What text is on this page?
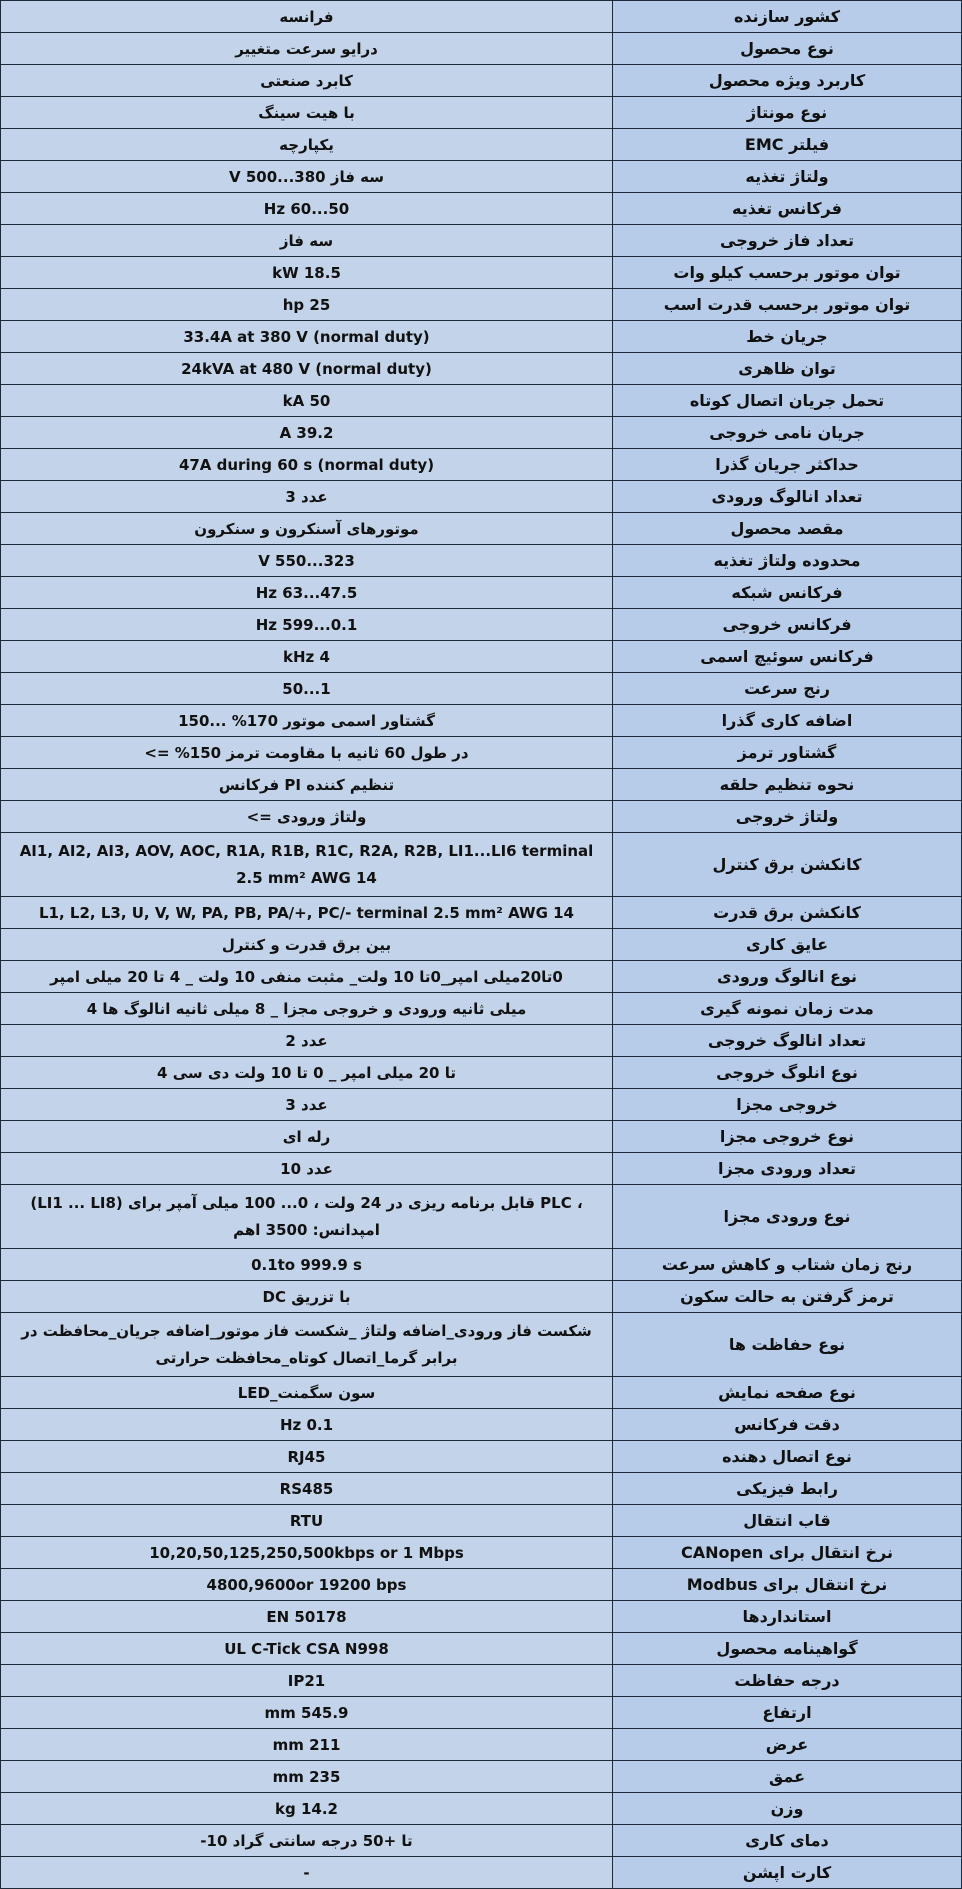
کشور سازنده	فرانسه
نوع محصول	درایو سرعت متغییر
کاربرد ویژه محصول	کابرد صنعتی
نوع مونتاژ	با هیت سینگ
فیلتر EMC	یکپارچه
ولتاژ تغذیه	سه فاز 380...500 V
فرکانس تغذیه	50...60 Hz
تعداد فاز خروجی	سه فاز
توان موتور برحسب کیلو وات	18.5 kW
توان موتور برحسب قدرت اسب	25 hp
جریان خط	33.4A at 380 V (normal duty)
توان ظاهری	24kVA at 480 V (normal duty)
تحمل جریان اتصال کوتاه	50 kA
جریان نامی خروجی	39.2 A
حداکثر جریان گذرا	47A during 60 s (normal duty)
تعداد انالوگ ورودی	عدد 3
مقصد محصول	موتورهای آسنکرون و سنکرون
محدوده ولتاژ تغذیه	323...550 V
فرکانس شبکه	47.5...63 Hz
فرکانس خروجی	0.1...599 Hz
فرکانس سوئیچ اسمی	4 kHz
رنج سرعت	1...50
اضافه کاری گذرا	گشتاور اسمی موتور 170% ...150
گشتاور ترمز	در طول 60 ثانیه با مقاومت ترمز 150% =>
نحوه تنظیم حلقه	تنظیم کننده PI فرکانس
ولتاژ خروجی	ولتاژ ورودی =>
کانکشن برق کنترل	AI1, AI2, AI3, AOV, AOC, R1A, R1B, R1C, R2A, R2B, LI1...LI6 terminal 2.5 mm² AWG 14
کانکشن برق قدرت	L1, L2, L3, U, V, W, PA, PB, PA/+, PC/- terminal 2.5 mm² AWG 14
عایق کاری	بین برق قدرت و کنترل
نوع انالوگ ورودی	0تا20میلی امپر_0تا 10 ولت_ مثبت منفی 10 ولت _ 4 تا 20 میلی امپر
مدت زمان نمونه گیری	میلی ثانیه ورودی و خروجی مجزا _ 8 میلی ثانیه انالوگ ها 4
تعداد انالوگ خروجی	عدد 2
نوع انلوگ خروجی	تا 20 میلی امپر _ 0 تا 10 ولت دی سی 4
خروجی مجزا	عدد 3
نوع خروجی مجزا	رله ای
تعداد ورودی مجزا	عدد 10
نوع ورودی مجزا	، PLC قابل برنامه ریزی در 24 ولت ، 0... 100 میلی آمپر برای (LI1 ... LI8) امپدانس: 3500 اهم
رنج زمان شتاب و کاهش سرعت	0.1to 999.9 s
ترمز گرفتن به حالت سکون	با تزریق DC
نوع حفاظت ها	شکست فاز ورودی_اضافه ولتاژ _شکست فاز موتور_اضافه جریان_محافظت در برابر گرما_اتصال کوتاه_محافظت حرارتی
نوع صفحه نمایش	سون سگمنت_LED
دقت فرکانس	0.1 Hz
نوع اتصال دهنده	RJ45
رابط فیزیکی	RS485
قاب انتقال	RTU
نرخ انتقال برای CANopen	10,20,50,125,250,500kbps or 1 Mbps
نرخ انتقال برای Modbus	4800,9600or 19200 bps
استانداردها	EN 50178
گواهینامه محصول	UL C-Tick CSA N998
درجه حفاظت	IP21
ارتفاع	545.9 mm
عرض	211 mm
عمق	235 mm
وزن	14.2 kg
دمای کاری	تا +50 درجه سانتی گراد 10-
کارت اپشن	-
